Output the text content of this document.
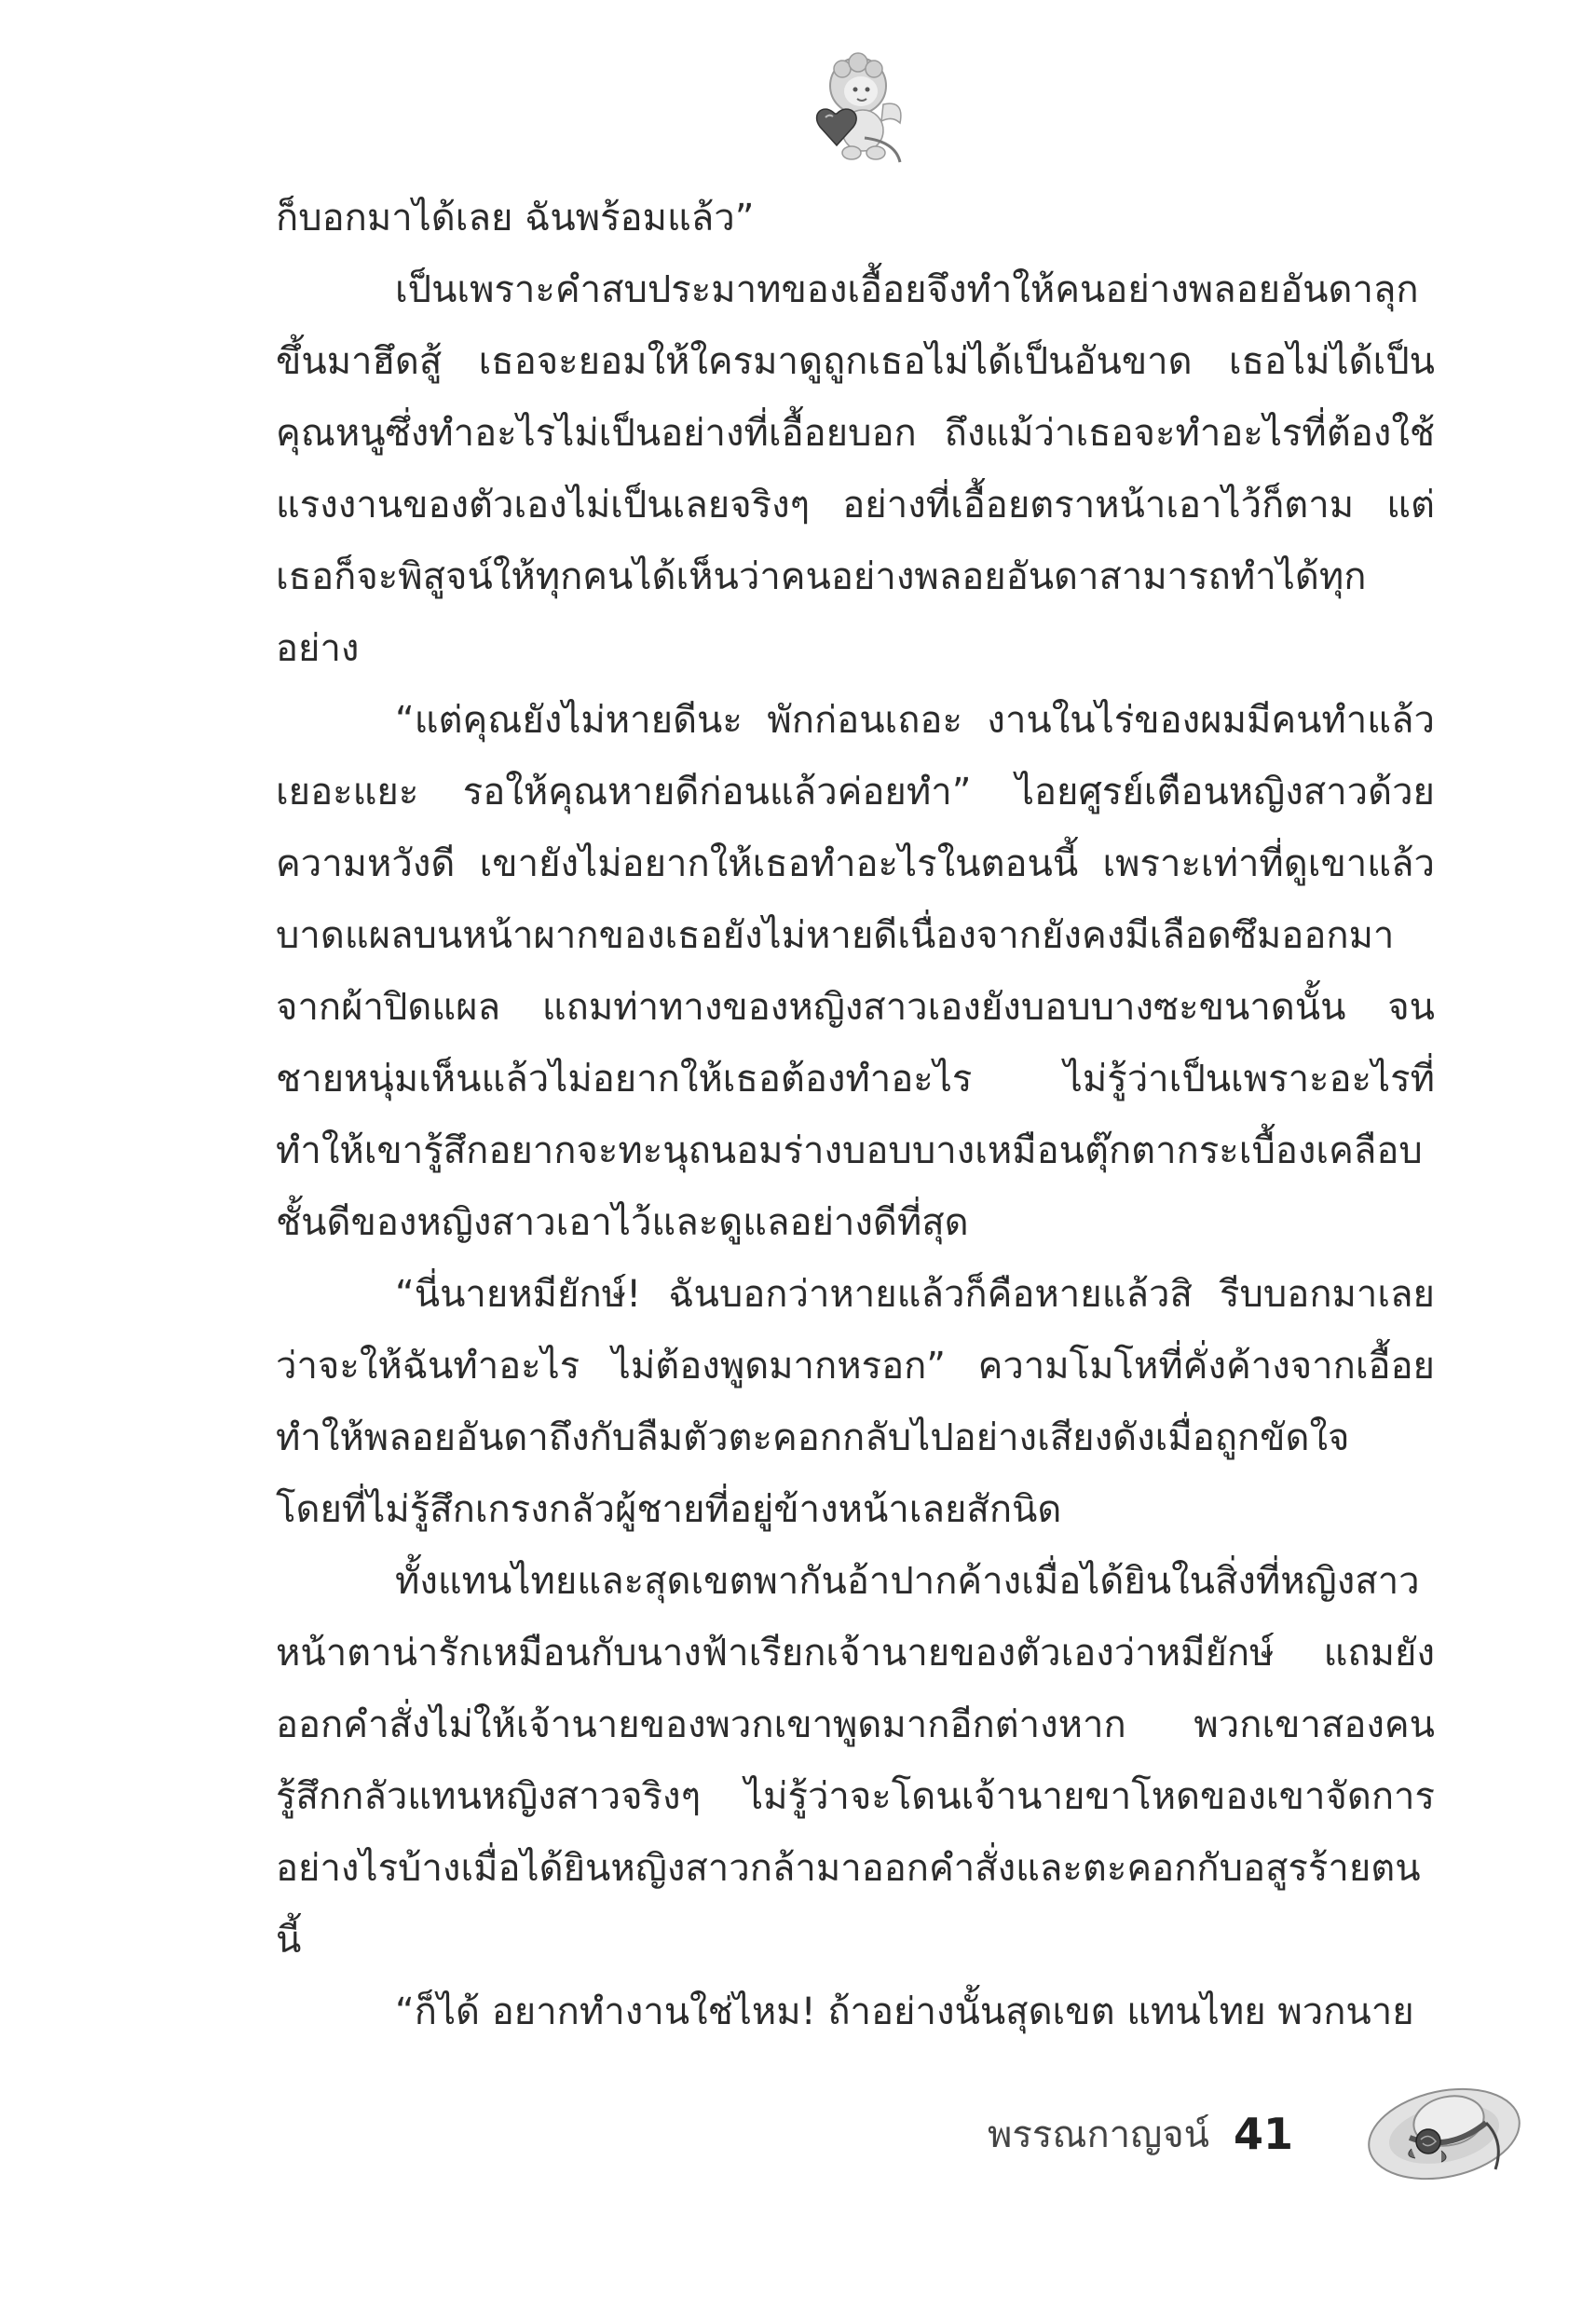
ก็บอกมาได้เลย ฉันพร้อมแล้ว”

เป็นเพราะคำสบประมาทของเอื้อยจึงทำให้คนอย่างพลอยอันดาลุกขึ้นมาฮึดสู้ เธอจะยอมให้ใครมาดูถูกเธอไม่ได้เป็นอันขาด เธอไม่ได้เป็นคุณหนูซึ่งทำอะไรไม่เป็นอย่างที่เอื้อยบอก ถึงแม้ว่าเธอจะทำอะไรที่ต้องใช้แรงงานของตัวเองไม่เป็นเลยจริงๆ อย่างที่เอื้อยตราหน้าเอาไว้ก็ตาม แต่เธอก็จะพิสูจน์ให้ทุกคนได้เห็นว่าคนอย่างพลอยอันดาสามารถทำได้ทุกอย่าง

“แต่คุณยังไม่หายดีนะ พักก่อนเถอะ งานในไร่ของผมมีคนทำแล้วเยอะแยะ รอให้คุณหายดีก่อนแล้วค่อยทำ” ไอยศูรย์เตือนหญิงสาวด้วยความหวังดี เขายังไม่อยากให้เธอทำอะไรในตอนนี้ เพราะเท่าที่ดูเขาแล้ว บาดแผลบนหน้าผากของเธอยังไม่หายดีเนื่องจากยังคงมีเลือดซึมออกมาจากผ้าปิดแผล แถมท่าทางของหญิงสาวเองยังบอบบางซะขนาดนั้น จนชายหนุ่มเห็นแล้วไม่อยากให้เธอต้องทำอะไร ไม่รู้ว่าเป็นเพราะอะไรที่ทำให้เขารู้สึกอยากจะทะนุถนอมร่างบอบบางเหมือนตุ๊กตากระเบื้องเคลือบชั้นดีของหญิงสาวเอาไว้และดูแลอย่างดีที่สุด

“นี่นายหมียักษ์! ฉันบอกว่าหายแล้วก็คือหายแล้วสิ รีบบอกมาเลยว่าจะให้ฉันทำอะไร ไม่ต้องพูดมากหรอก” ความโมโหที่คั่งค้างจากเอื้อยทำให้พลอยอันดาถึงกับลืมตัวตะคอกกลับไปอย่างเสียงดังเมื่อถูกขัดใจโดยที่ไม่รู้สึกเกรงกลัวผู้ชายที่อยู่ข้างหน้าเลยสักนิด

ทั้งแทนไทยและสุดเขตพากันอ้าปากค้างเมื่อได้ยินในสิ่งที่หญิงสาวหน้าตาน่ารักเหมือนกับนางฟ้าเรียกเจ้านายของตัวเองว่าหมียักษ์ แถมยังออกคำสั่งไม่ให้เจ้านายของพวกเขาพูดมากอีกต่างหาก พวกเขาสองคนรู้สึกกลัวแทนหญิงสาวจริงๆ ไม่รู้ว่าจะโดนเจ้านายขาโหดของเขาจัดการอย่างไรบ้างเมื่อได้ยินหญิงสาวกล้ามาออกคำสั่งและตะคอกกับอสูรร้ายตนนี้

“ก็ได้ อยากทำงานใช่ไหม! ถ้าอย่างนั้นสุดเขต แทนไทย พวกนาย

พรรณกาญจน์ 41
